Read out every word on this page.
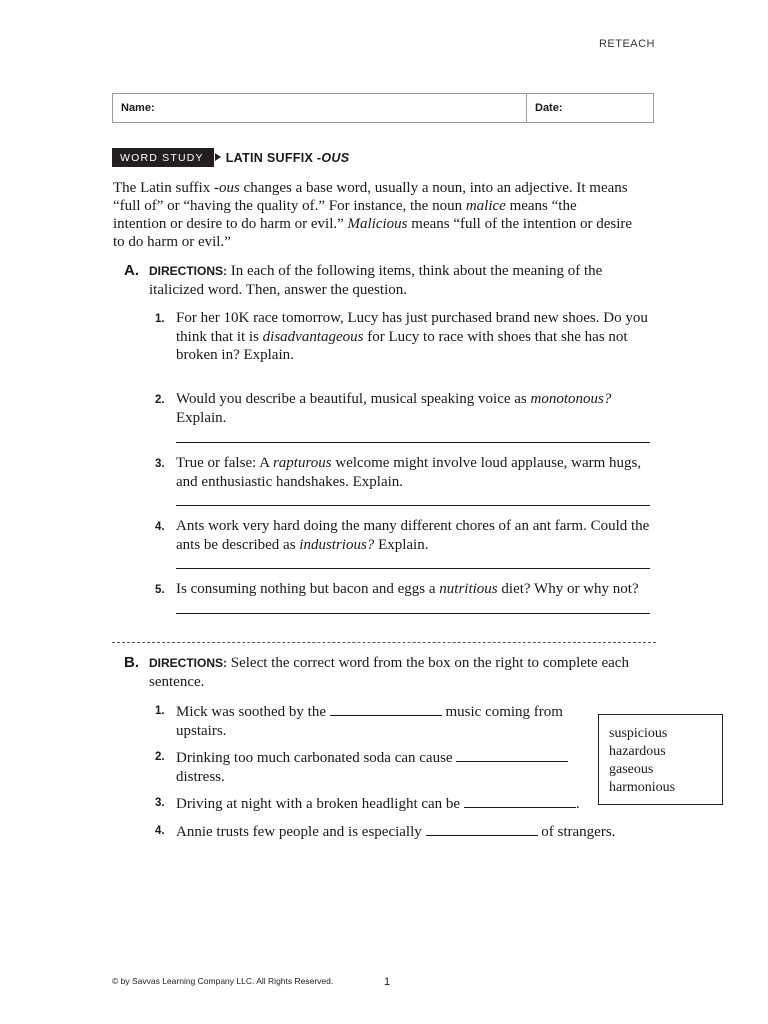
RETEACH
Name:	Date:
WORD STUDY LATIN SUFFIX -OUS
The Latin suffix -ous changes a base word, usually a noun, into an adjective. It means “full of” or “having the quality of.” For instance, the noun malice means “the intention or desire to do harm or evil.” Malicious means “full of the intention or desire to do harm or evil.”
A. DIRECTIONS: In each of the following items, think about the meaning of the italicized word. Then, answer the question.
1. For her 10K race tomorrow, Lucy has just purchased brand new shoes. Do you think that it is disadvantageous for Lucy to race with shoes that she has not broken in? Explain.
2. Would you describe a beautiful, musical speaking voice as monotonous? Explain.
3. True or false: A rapturous welcome might involve loud applause, warm hugs, and enthusiastic handshakes. Explain.
4. Ants work very hard doing the many different chores of an ant farm. Could the ants be described as industrious? Explain.
5. Is consuming nothing but bacon and eggs a nutritious diet? Why or why not?
B. DIRECTIONS: Select the correct word from the box on the right to complete each sentence.
1. Mick was soothed by the	music coming from upstairs.
2. Drinking too much carbonated soda can cause  distress.
3. Driving at night with a broken headlight can be	.
4. Annie trusts few people and is especially	of strangers.
suspicious
hazardous
gaseous
harmonious
© by Savvas Learning Company LLC. All Rights Reserved.	1
